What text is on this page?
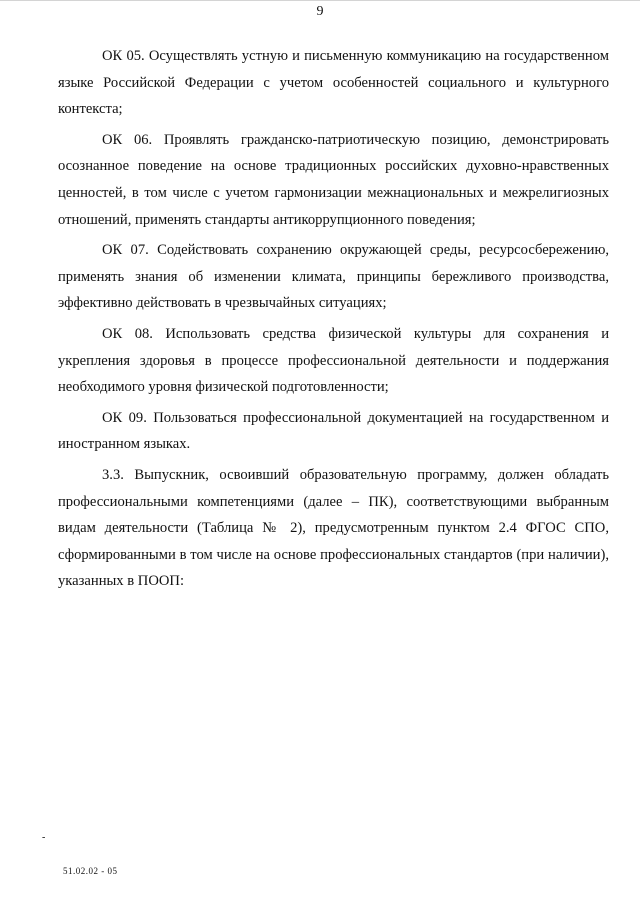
9

ОК 05. Осуществлять устную и письменную коммуникацию на государственном языке Российской Федерации с учетом особенностей социального и культурного контекста;

ОК 06. Проявлять гражданско-патриотическую позицию, демонстрировать осознанное поведение на основе традиционных российских духовно-нравственных ценностей, в том числе с учетом гармонизации межнациональных и межрелигиозных отношений, применять стандарты антикоррупционного поведения;

ОК 07. Содействовать сохранению окружающей среды, ресурсосбережению, применять знания об изменении климата, принципы бережливого производства, эффективно действовать в чрезвычайных ситуациях;

ОК 08. Использовать средства физической культуры для сохранения и укрепления здоровья в процессе профессиональной деятельности и поддержания необходимого уровня физической подготовленности;

ОК 09. Пользоваться профессиональной документацией на государственном и иностранном языках.

3.3. Выпускник, освоивший образовательную программу, должен обладать профессиональными компетенциями (далее – ПК), соответствующими выбранным видам деятельности (Таблица № 2), предусмотренным пунктом 2.4 ФГОС СПО, сформированными в том числе на основе профессиональных стандартов (при наличии), указанных в ПООП:

-
51.02.02 - 05
